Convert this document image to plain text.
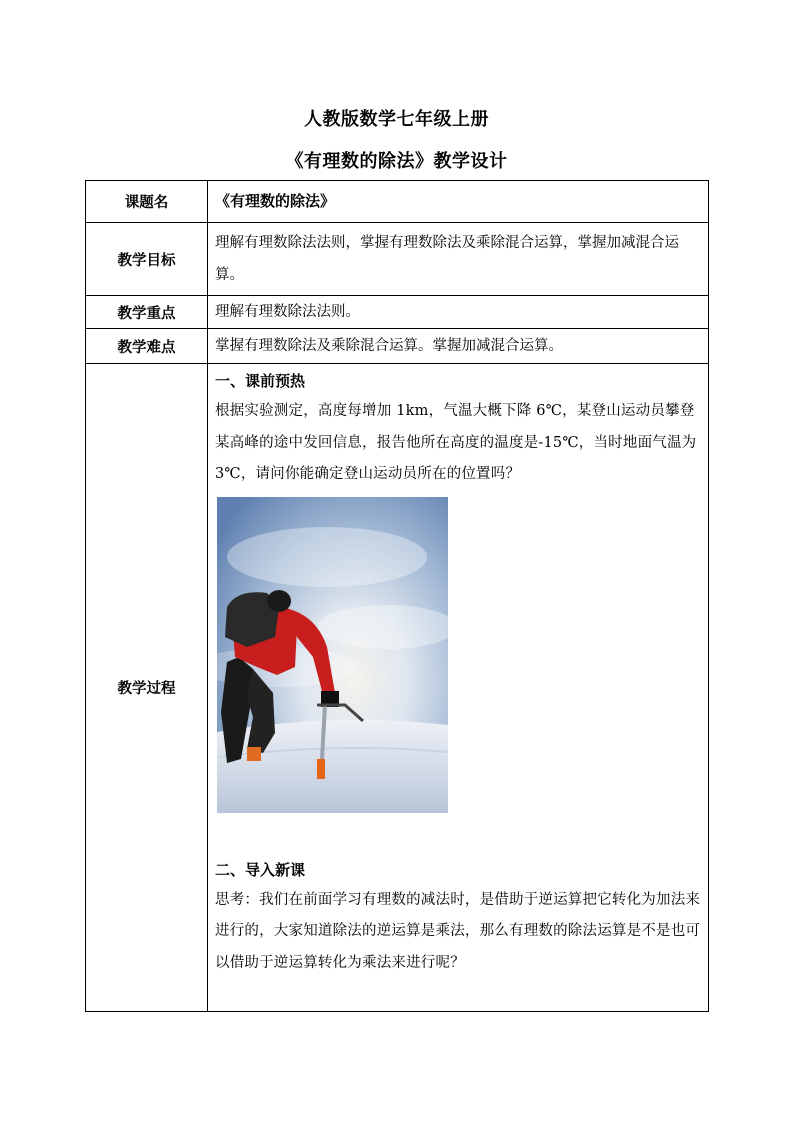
人教版数学七年级上册
《有理数的除法》教学设计
课题名	《有理数的除法》
教学目标	理解有理数除法法则，掌握有理数除法及乘除混合运算，掌握加减混合运算。
教学重点	理解有理数除法法则。
教学难点	掌握有理数除法及乘除混合运算。掌握加减混合运算。
教学过程	一、课前预热
根据实验测定，高度每增加 1km，气温大概下降 6℃，某登山运动员攀登某高峰的途中发回信息，报告他所在高度的温度是-15℃，当时地面气温为 3℃，请问你能确定登山运动员所在的位置吗？
二、导入新课
思考：我们在前面学习有理数的减法时，是借助于逆运算把它转化为加法来进行的，大家知道除法的逆运算是乘法，那么有理数的除法运算是不是也可以借助于逆运算转化为乘法来进行呢？
